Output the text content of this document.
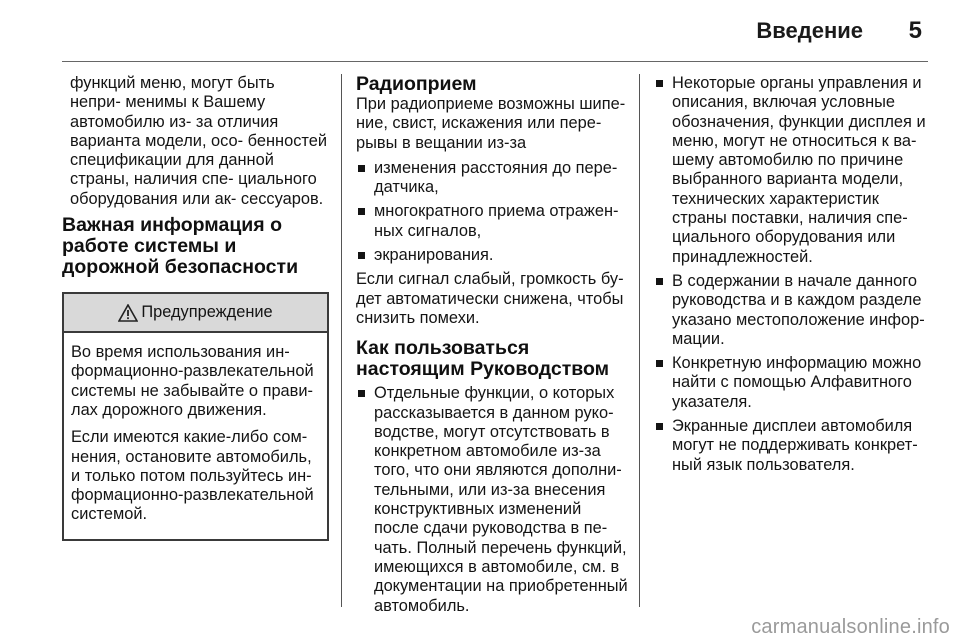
Введение 5

функций меню, могут быть непри- менимы к Вашему автомобилю из- за отличия варианта модели, осо- бенностей спецификации для данной страны, наличия спе- циального оборудования или ак- сессуаров.

Важная информация о работе системы и дорожной безопасности
Предупреждение

Во время использования ин- формационно-развлекательной системы не забывайте о прави- лах дорожного движения.

Если имеются какие-либо сом- нения, остановите автомобиль, и только потом пользуйтесь ин- формационно-развлекательной системой.

Радиоприем

При радиоприеме возможны шипе- ние, свист, искажения или пере- рывы в вещании из-за

изменения расстояния до пере- датчика,
многократного приема отражен- ных сигналов,
экранирования.

Если сигнал слабый, громкость бу- дет автоматически снижена, чтобы снизить помехи.

Как пользоваться настоящим Руководством
Отдельные функции, о которых рассказывается в данном руко- водстве, могут отсутствовать в конкретном автомобиле из-за того, что они являются дополни- тельными, или из-за внесения конструктивных изменений после сдачи руководства в пе- чать. Полный перечень функций, имеющихся в автомобиле, см. в документации на приобретенный автомобиль.
Некоторые органы управления и описания, включая условные обозначения, функции дисплея и меню, могут не относиться к ва- шему автомобилю по причине выбранного варианта модели, технических характеристик страны поставки, наличия спе- циального оборудования или принадлежностей.
В содержании в начале данного руководства и в каждом разделе указано местоположение инфор- мации.
Конкретную информацию можно найти с помощью Алфавитного указателя.
Экранные дисплеи автомобиля могут не поддерживать конкрет- ный язык пользователя.
carmanualsonline.info
